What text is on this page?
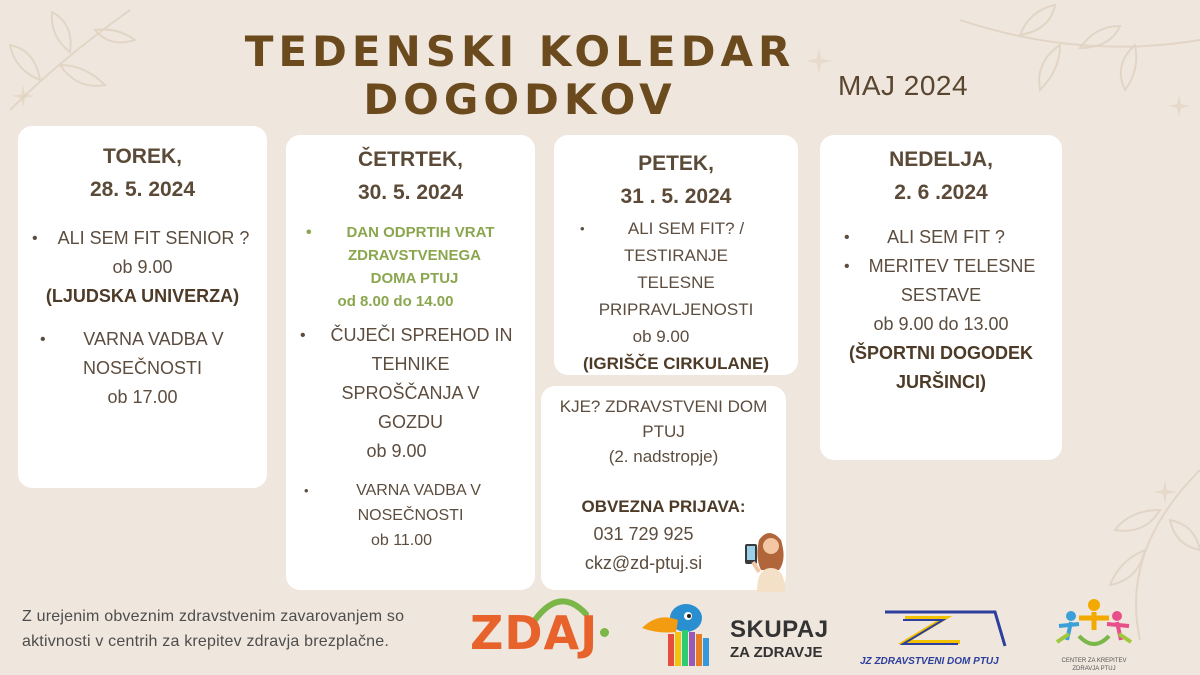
TEDENSKI KOLEDAR
DOGODKOV	MAJ 2024
TOREK,
28. 5. 2024
•	ALI SEM FIT SENIOR ?
ob 9.00
(LJUDSKA UNIVERZA)
•	VARNA VADBA V
NOSEČNOSTI
ob 17.00
ČETRTEK,
30. 5. 2024
•	DAN ODPRTIH VRAT
ZDRAVSTVENEGA
DOMA PTUJ
od 8.00 do 14.00
•	ČUJEČI SPREHOD IN
TEHNIKE
SPROŠČANJA V
GOZDU
ob 9.00
•	VARNA VADBA V
NOSEČNOSTI
ob 11.00
PETEK,
31 . 5. 2024
•	ALI SEM FIT? /
TESTIRANJE
TELESNE
PRIPRAVLJENOSTI
ob 9.00
(IGRIŠČE CIRKULANE)
KJE? ZDRAVSTVENI DOM
PTUJ
(2. nadstropje)
OBVEZNA PRIJAVA:
031 729 925
ckz@zd-ptuj.si
NEDELJA,
2. 6 .2024
•	ALI SEM FIT ?
•	MERITEV TELESNE
SESTAVE
ob 9.00 do 13.00
(ŠPORTNI DOGODEK
JURŠINCI)
Z urejenim obveznim zdravstvenim zavarovanjem so
aktivnosti v centrih za krepitev zdravja brezplačne.	ZDAJ	SKUPAJ
ZA ZDRAVJE
JZ ZDRAVSTVENI DOM PTUJ	CENTER ZA KREPITEV
ZDRAVJA PTUJ
